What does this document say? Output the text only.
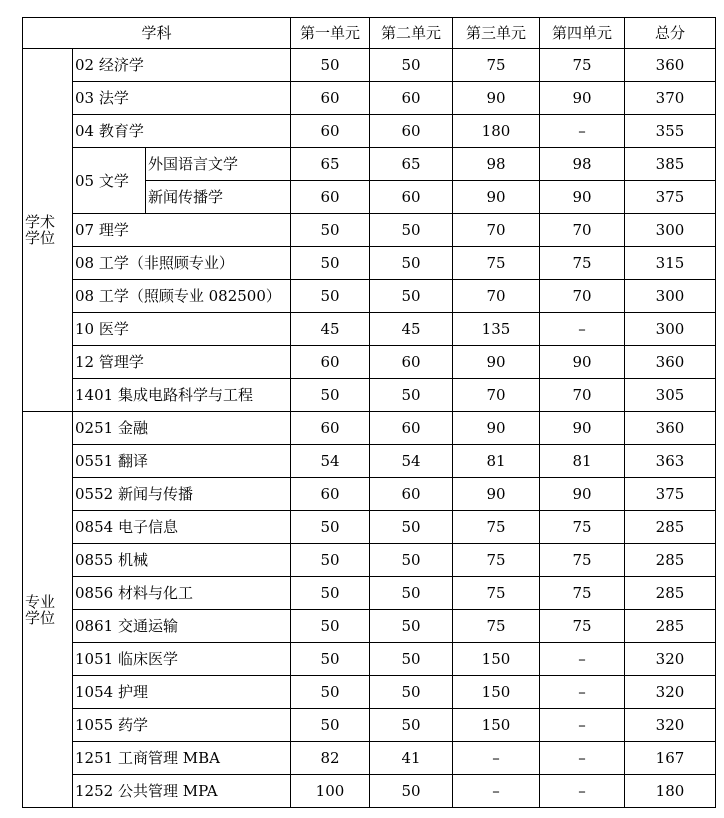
学科			第一单元	第二单元	第三单元	第四单元	总分

学术
学位	02 经济学		50	50	75	75	360
	03 法学		60	60	90	90	370
	04 教育学		60	60	180	–	355
	05 文学	外国语言文学	65	65	98	98	385
		新闻传播学	60	60	90	90	375
	07 理学		50	50	70	70	300
	08 工学（非照顾专业）		50	50	75	75	315
	08 工学（照顾专业 082500）		50	50	70	70	300
	10 医学		45	45	135	–	300
	12 管理学		60	60	90	90	360
	1401 集成电路科学与工程		50	50	70	70	305

专业
学位	0251 金融		60	60	90	90	360
	0551 翻译		54	54	81	81	363
	0552 新闻与传播		60	60	90	90	375
	0854 电子信息		50	50	75	75	285
	0855 机械		50	50	75	75	285
	0856 材料与化工		50	50	75	75	285
	0861 交通运输		50	50	75	75	285
	1051 临床医学		50	50	150	–	320
	1054 护理		50	50	150	–	320
	1055 药学		50	50	150	–	320
	1251 工商管理 MBA		82	41	–	–	167
	1252 公共管理 MPA		100	50	–	–	180
